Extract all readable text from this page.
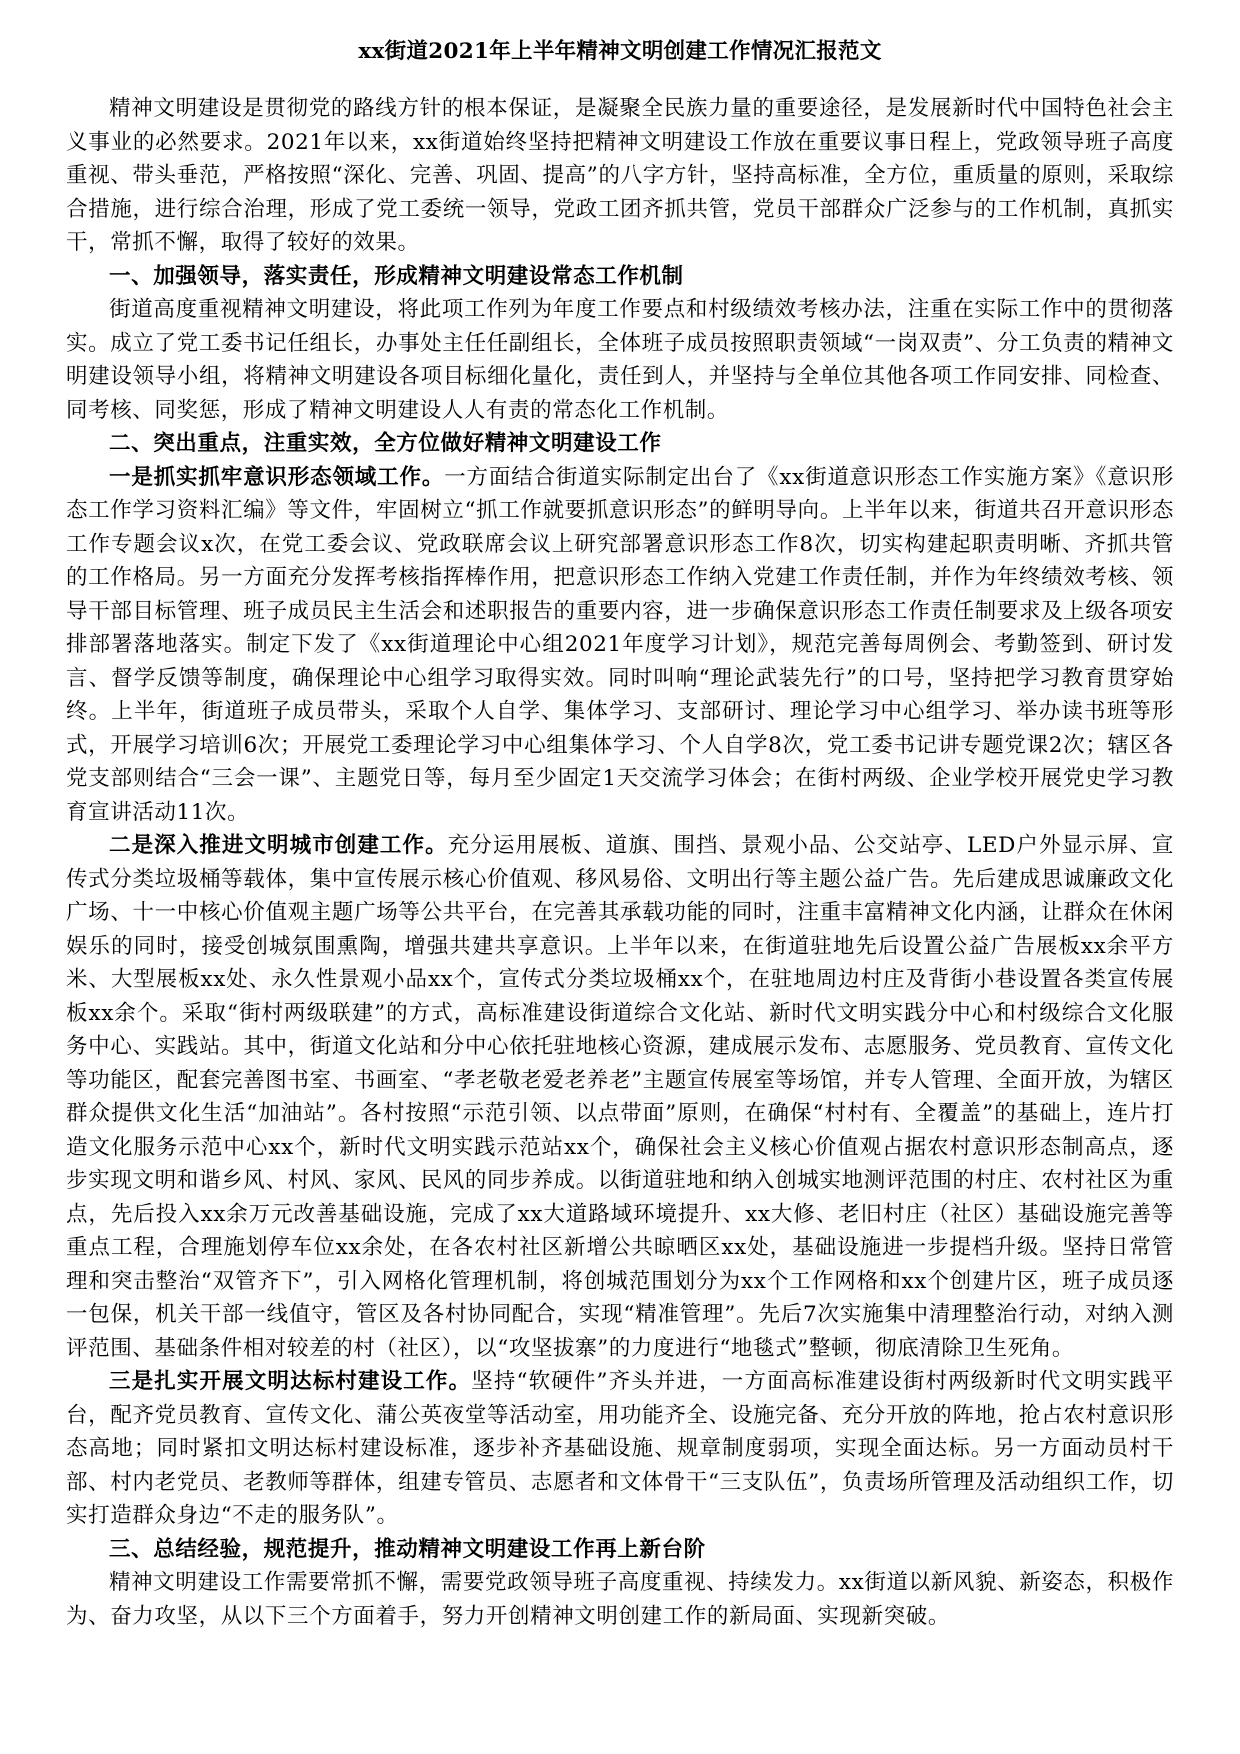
xx街道2021年上半年精神文明创建工作情况汇报范文

精神文明建设是贯彻党的路线方针的根本保证，是凝聚全民族力量的重要途径，是发展新时代中国特色社会主义事业的必然要求。2021年以来，xx街道始终坚持把精神文明建设工作放在重要议事日程上，党政领导班子高度重视、带头垂范，严格按照“深化、完善、巩固、提高”的八字方针，坚持高标准，全方位，重质量的原则，采取综合措施，进行综合治理，形成了党工委统一领导，党政工团齐抓共管，党员干部群众广泛参与的工作机制，真抓实干，常抓不懈，取得了较好的效果。

一、加强领导，落实责任，形成精神文明建设常态工作机制

街道高度重视精神文明建设，将此项工作列为年度工作要点和村级绩效考核办法，注重在实际工作中的贯彻落实。成立了党工委书记任组长，办事处主任任副组长，全体班子成员按照职责领域“一岗双责”、分工负责的精神文明建设领导小组，将精神文明建设各项目标细化量化，责任到人，并坚持与全单位其他各项工作同安排、同检查、同考核、同奖惩，形成了精神文明建设人人有责的常态化工作机制。

二、突出重点，注重实效，全方位做好精神文明建设工作

一是抓实抓牢意识形态领域工作。一方面结合街道实际制定出台了《xx街道意识形态工作实施方案》《意识形态工作学习资料汇编》等文件，牢固树立“抓工作就要抓意识形态”的鲜明导向。上半年以来，街道共召开意识形态工作专题会议x次，在党工委会议、党政联席会议上研究部署意识形态工作8次，切实构建起职责明晰、齐抓共管的工作格局。另一方面充分发挥考核指挥棒作用，把意识形态工作纳入党建工作责任制，并作为年终绩效考核、领导干部目标管理、班子成员民主生活会和述职报告的重要内容，进一步确保意识形态工作责任制要求及上级各项安排部署落地落实。制定下发了《xx街道理论中心组2021年度学习计划》，规范完善每周例会、考勤签到、研讨发言、督学反馈等制度，确保理论中心组学习取得实效。同时叫响“理论武装先行”的口号，坚持把学习教育贯穿始终。上半年，街道班子成员带头，采取个人自学、集体学习、支部研讨、理论学习中心组学习、举办读书班等形式，开展学习培训6次；开展党工委理论学习中心组集体学习、个人自学8次，党工委书记讲专题党课2次；辖区各党支部则结合“三会一课”、主题党日等，每月至少固定1天交流学习体会；在街村两级、企业学校开展党史学习教育宣讲活动11次。

二是深入推进文明城市创建工作。充分运用展板、道旗、围挡、景观小品、公交站亭、LED户外显示屏、宣传式分类垃圾桶等载体，集中宣传展示核心价值观、移风易俗、文明出行等主题公益广告。先后建成思诚廉政文化广场、十一中核心价值观主题广场等公共平台，在完善其承载功能的同时，注重丰富精神文化内涵，让群众在休闲娱乐的同时，接受创城氛围熏陶，增强共建共享意识。上半年以来，在街道驻地先后设置公益广告展板xx余平方米、大型展板xx处、永久性景观小品xx个，宣传式分类垃圾桶xx个，在驻地周边村庄及背街小巷设置各类宣传展板xx余个。采取“街村两级联建”的方式，高标准建设街道综合文化站、新时代文明实践分中心和村级综合文化服务中心、实践站。其中，街道文化站和分中心依托驻地核心资源，建成展示发布、志愿服务、党员教育、宣传文化等功能区，配套完善图书室、书画室、“孝老敬老爱老养老”主题宣传展室等场馆，并专人管理、全面开放，为辖区群众提供文化生活“加油站”。各村按照“示范引领、以点带面”原则，在确保“村村有、全覆盖”的基础上，连片打造文化服务示范中心xx个，新时代文明实践示范站xx个，确保社会主义核心价值观占据农村意识形态制高点，逐步实现文明和谐乡风、村风、家风、民风的同步养成。以街道驻地和纳入创城实地测评范围的村庄、农村社区为重点，先后投入xx余万元改善基础设施，完成了xx大道路域环境提升、xx大修、老旧村庄（社区）基础设施完善等重点工程，合理施划停车位xx余处，在各农村社区新增公共晾晒区xx处，基础设施进一步提档升级。坚持日常管理和突击整治“双管齐下”，引入网格化管理机制，将创城范围划分为xx个工作网格和xx个创建片区，班子成员逐一包保，机关干部一线值守，管区及各村协同配合，实现“精准管理”。先后7次实施集中清理整治行动，对纳入测评范围、基础条件相对较差的村（社区），以“攻坚拔寨”的力度进行“地毯式”整顿，彻底清除卫生死角。

三是扎实开展文明达标村建设工作。坚持“软硬件”齐头并进，一方面高标准建设街村两级新时代文明实践平台，配齐党员教育、宣传文化、蒲公英夜堂等活动室，用功能齐全、设施完备、充分开放的阵地，抢占农村意识形态高地；同时紧扣文明达标村建设标准，逐步补齐基础设施、规章制度弱项，实现全面达标。另一方面动员村干部、村内老党员、老教师等群体，组建专管员、志愿者和文体骨干“三支队伍”，负责场所管理及活动组织工作，切实打造群众身边“不走的服务队”。

三、总结经验，规范提升，推动精神文明建设工作再上新台阶

精神文明建设工作需要常抓不懈，需要党政领导班子高度重视、持续发力。xx街道以新风貌、新姿态，积极作为、奋力攻坚，从以下三个方面着手，努力开创精神文明创建工作的新局面、实现新突破。
